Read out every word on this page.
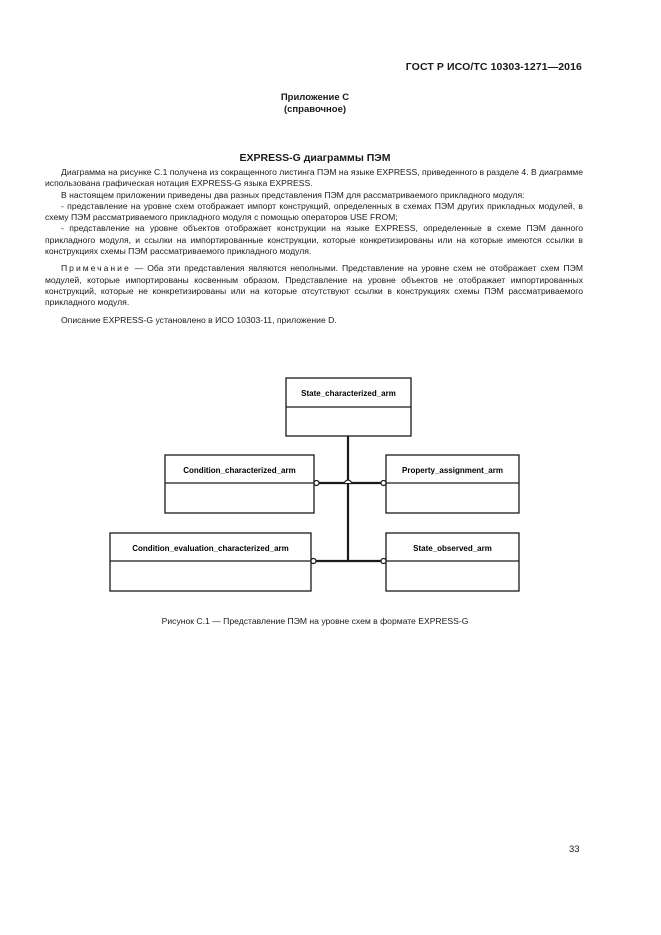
ГОСТ Р ИСО/ТС 10303-1271—2016
Приложение С
(справочное)
EXPRESS-G диаграммы ПЭМ

Диаграмма на рисунке С.1 получена из сокращенного листинга ПЭМ на языке EXPRESS, приведенного в разделе 4. В диаграмме использована графическая нотация EXPRESS-G языка EXPRESS.

В настоящем приложении приведены два разных представления ПЭМ для рассматриваемого прикладного модуля:

- представление на уровне схем отображает импорт конструкций, определенных в схемах ПЭМ других прикладных модулей, в схему ПЭМ рассматриваемого прикладного модуля с помощью операторов USE FROM;

- представление на уровне объектов отображает конструкции на языке EXPRESS, определенные в схеме ПЭМ данного прикладного модуля, и ссылки на импортированные конструкции, которые конкретизированы или на которые имеются ссылки в конструкциях схемы ПЭМ рассматриваемого прикладного модуля.

Примечание — Оба эти представления являются неполными. Представление на уровне схем не отображает схем ПЭМ модулей, которые импортированы косвенным образом. Представление на уровне объектов не отображает импортированных конструкций, которые не конкретизированы или на которые отсутствуют ссылки в конструкциях схемы ПЭМ рассматриваемого прикладного модуля.

Описание EXPRESS-G установлено в ИСО 10303-11, приложение D.

State_characterized_arm
Condition_characterized_arm	Property_assignment_arm
Condition_evaluation_characterized_arm	State_observed_arm
Рисунок С.1 — Представление ПЭМ на уровне схем в формате EXPRESS-G
33
